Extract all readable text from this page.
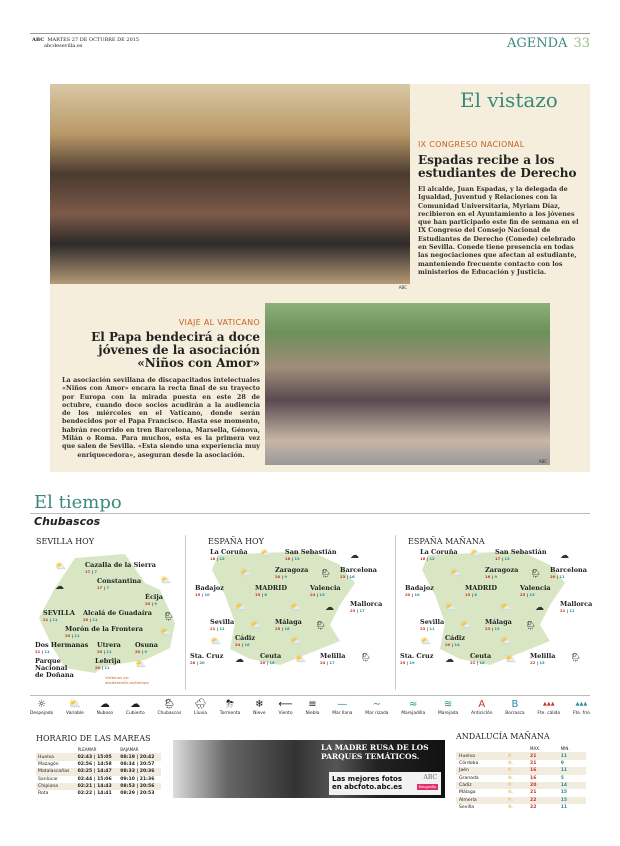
ABC MARTES 27 DE OCTUBRE DE 2015
abcdesevilla.es	AGENDA 33
ABC
El vistazo
IX CONGRESO NACIONAL
Espadas recibe a los estudiantes de Derecho
El alcalde, Juan Espadas, y la delegada de Igualdad, Juventud y Relaciones con la Comunidad Universitaria, Myriam Díaz, recibieron en el Ayuntamiento a los jóvenes que han participado este fin de semana en el IX Congreso del Consejo Nacional de Estudiantes de Derecho (Conede) celebrado en Sevilla. Conede tiene presencia en todas las negociaciones que afectan al estudiante, manteniendo frecuente contacto con los ministerios de Educación y Justicia.
ABC
VIAJE AL VATICANO
El Papa bendecirá a doce jóvenes de la asociación «Niños con Amor»
La asociación sevillana de discapacitados intelectuales «Niños con Amor» encara la recta final de su trayecto por Europa con la mirada puesta en este 28 de octubre, cuando doce socios acudirán a la audiencia de los miércoles en el Vaticano, donde serán bendecidos por el Papa Francisco. Hasta ese momento, habrán recorrido en tren Barcelona, Marsella, Génova, Milán o Roma. Para muchos, esta es la primera vez que salen de Sevilla. «Esta siendo una experiencia muy enriquecedora», aseguran desde la asociación.
El tiempo
Chubascos
SEVILLA HOY	ESPAÑA HOY	ESPAÑA MAÑANA
Visítenos en:
abcdesevilla.es/tiempo
⛅
☁
⛅
🌦
⛅
⛅
Cazalla de la Sierra
17 | 7
Constantina
17 | 7
Écija
20 | 9
SEVILLA
21 | 11
Alcalá de Guadaíra
20 | 11
Morón de la Frontera
20 | 11
Dos Hermanas
21 | 11
Utrera
20 | 11
Osuna
20 | 9
Lebrija
20 | 11
Parque Nacional de Doñana
⛅	☁
⛅	🌦
⛅	⛅	☁
⛅	🌦
⛅	⛅
☁	⛅	🌦
La Coruña
18 | 12
San Sebastián
18 | 13
Zaragoza
20 | 9
Barcelona
23 | 16
Badajoz
19 | 10
MADRID
15 | 8
Valencia
24 | 13
Mallorca
23 | 17
Sevilla
21 | 11
Málaga
25 | 16
Cádiz
24 | 16
Sta. Cruz
28 | 20
Ceuta
20 | 16
Melilla
24 | 17
⛅	☁
⛅	🌦
⛅	⛅	☁
⛅	🌦
⛅	⛅
☁	⛅	🌦
La Coruña
16 | 12
San Sebastián
17 | 13
Zaragoza
16 | 9
Barcelona
20 | 11
Badajoz
20 | 10
MADRID
15 | 8
Valencia
23 | 13
Mallorca
21 | 11
Sevilla
23 | 11
Málaga
23 | 13
Cádiz
20 | 14
Sta. Cruz
25 | 19
Ceuta
21 | 16
Melilla
22 | 15
☼
Despejado
⛅
Variable
☁
Nuboso
☁
Cubierto
🌦
Chubascos
🌧
Lluvia
⛈
Tormenta
❄
Nieve
⟵
Viento
≡
Niebla
—
Mar llana
∼
Mar rizada
≈
Marejadilla
≋
Marejada
A
Anticiclón
B
Borrasca
▲▲▲
Fte. cálido
▲▲▲
Fte. frío
HORARIO DE LAS MAREAS
	PLEAMAR	BAJAMAR
Huelva	02:43 | 15:05	08:19 | 20:42
Mazagón	02:56 | 14:58	08:34 | 20:57
Matalascañas	02:25 | 14:47	08:33 | 20:36
Sanlúcar	02:44 | 15:06	09:10 | 21:36
Chipiona	02:21 | 14:43	08:53 | 20:56
Rota	02:22 | 14:41	08:29 | 20:53
LA MADRE RUSA DE LOS PARQUES TEMÁTICOS.
Las mejores fotos en abcfoto.abc.es
ABC
fotografía
ANDALUCÍA MAÑANA
		MAX.	MIN.
Huelva	⛅	21	11
Córdoba	⛅	21	9
Jaén	⛅	16	11
Granada	⛅	16	5
Cádiz	⛅	20	14
Málaga	⛅	21	15
Almería	⛅	22	15
Sevilla	⛅	22	11
